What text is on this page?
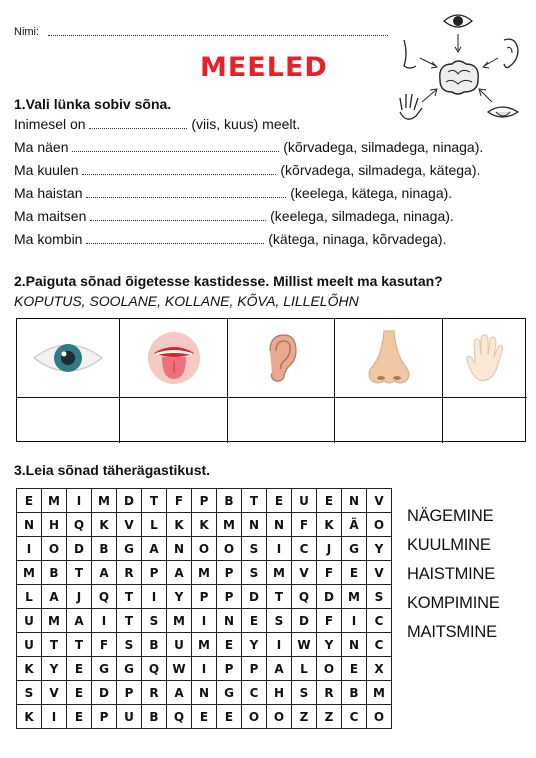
Nimi:
MEELED
1.Vali lünka sobiv sõna.
Inimesel on	(viis, kuus) meelt.
Ma näen	(kõrvadega, silmadega, ninaga).
Ma kuulen	(kõrvadega, silmadega, kätega).
Ma haistan	(keelega, kätega, ninaga).
Ma maitsen	(keelega, silmadega, ninaga).
Ma kombin	(kätega, ninaga, kõrvadega).
2.Paiguta sõnad õigetesse kastidesse. Millist meelt ma kasutan?
KOPUTUS, SOOLANE, KOLLANE, KÕVA, LILLELÕHN
3.Leia sõnad täherägastikust.
E	M	I	M	D	T	F	P	B	T	E	U	E	N	V
N	H	Q	K	V	L	K	K	M	N	N	F	K	Ä	O
I	O	D	B	G	A	N	O	O	S	I	C	J	G	Y
M	B	T	A	R	P	A	M	P	S	M	V	F	E	V
L	A	J	Q	T	I	Y	P	P	D	T	Q	D	M	S
U	M	A	I	T	S	M	I	N	E	S	D	F	I	C
U	T	T	F	S	B	U	M	E	Y	I	W	Y	N	C
K	Y	E	G	G	Q	W	I	P	P	A	L	O	E	X
S	V	E	D	P	R	A	N	G	C	H	S	R	B	M
K	I	E	P	U	B	Q	E	E	O	O	Z	Z	C	O
NÄGEMINE
KUULMINE
HAISTMINE
KOMPIMINE
MAITSMINE
